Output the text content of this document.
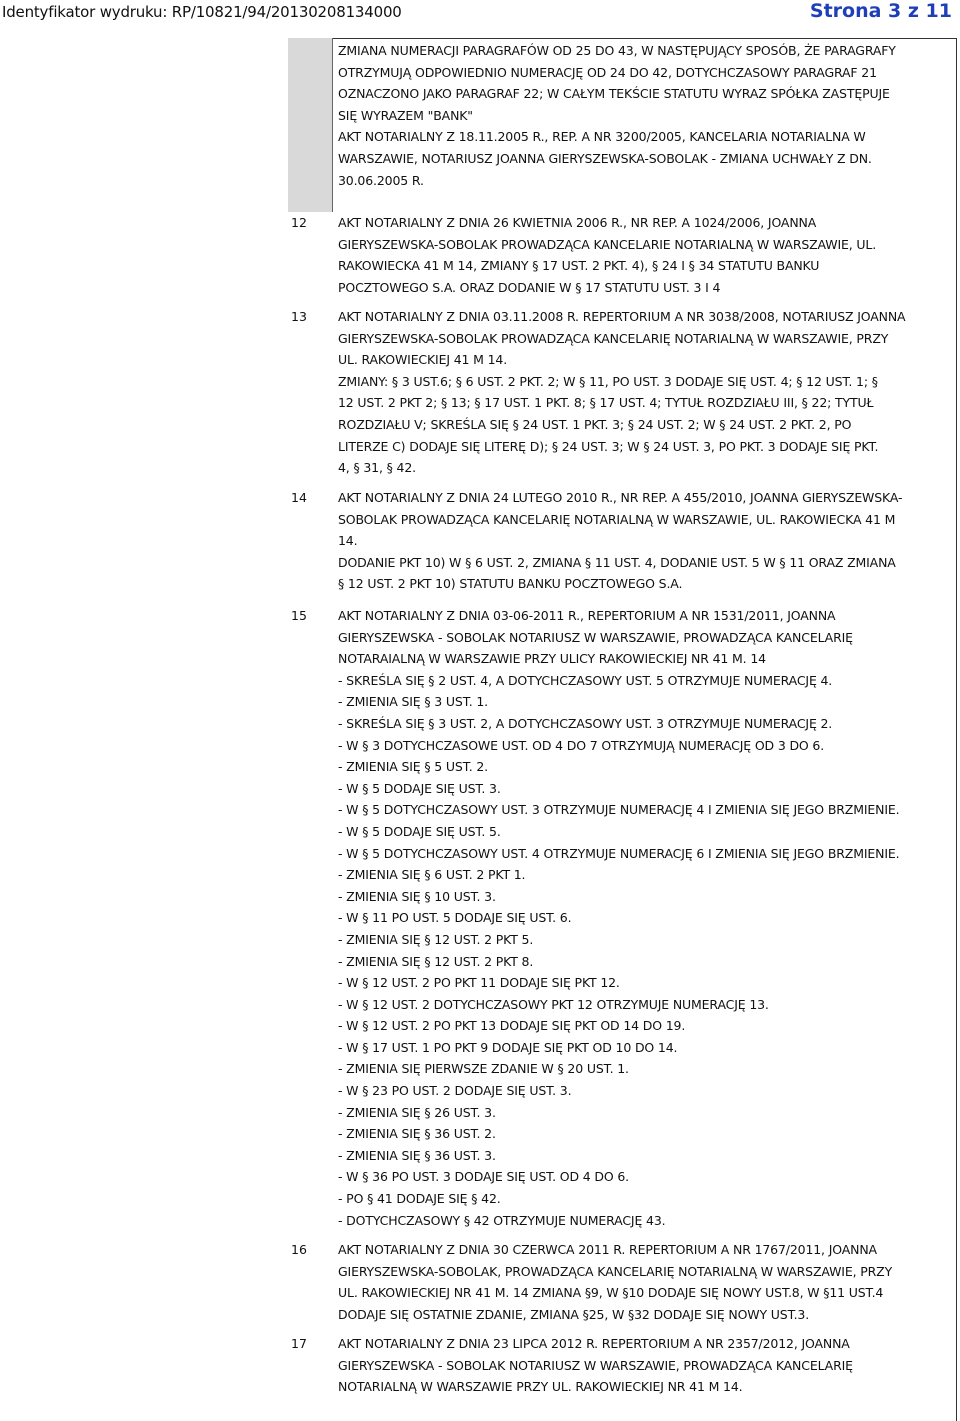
Identyfikator wydruku: RP/10821/94/20130208134000	Strona 3 z 11
ZMIANA NUMERACJI PARAGRAFÓW OD 25 DO 43, W NASTĘPUJĄCY SPOSÓB, ŻE PARAGRAFY
OTRZYMUJĄ ODPOWIEDNIO NUMERACJĘ OD 24 DO 42, DOTYCHCZASOWY PARAGRAF 21
OZNACZONO JAKO PARAGRAF 22; W CAŁYM TEKŚCIE STATUTU WYRAZ SPÓŁKA ZASTĘPUJE
SIĘ WYRAZEM "BANK"
AKT NOTARIALNY Z 18.11.2005 R., REP. A NR 3200/2005, KANCELARIA NOTARIALNA W
WARSZAWIE, NOTARIUSZ JOANNA GIERYSZEWSKA-SOBOLAK - ZMIANA UCHWAŁY Z DN.
30.06.2005 R.
12	AKT NOTARIALNY Z DNIA 26 KWIETNIA 2006 R., NR REP. A 1024/2006, JOANNA
GIERYSZEWSKA-SOBOLAK PROWADZĄCA KANCELARIE NOTARIALNĄ W WARSZAWIE, UL.
RAKOWIECKA 41 M 14, ZMIANY § 17 UST. 2 PKT. 4), § 24 I § 34 STATUTU BANKU
POCZTOWEGO S.A. ORAZ DODANIE W § 17 STATUTU UST. 3 I 4
13	AKT NOTARIALNY Z DNIA 03.11.2008 R. REPERTORIUM A NR 3038/2008, NOTARIUSZ JOANNA
GIERYSZEWSKA-SOBOLAK PROWADZĄCA KANCELARIĘ NOTARIALNĄ W WARSZAWIE, PRZY
UL. RAKOWIECKIEJ 41 M 14.
ZMIANY: § 3 UST.6; § 6 UST. 2 PKT. 2; W § 11, PO UST. 3 DODAJE SIĘ UST. 4; § 12 UST. 1; §
12 UST. 2 PKT 2; § 13; § 17 UST. 1 PKT. 8; § 17 UST. 4; TYTUŁ ROZDZIAŁU III, § 22; TYTUŁ
ROZDZIAŁU V; SKREŚLA SIĘ § 24 UST. 1 PKT. 3; § 24 UST. 2; W § 24 UST. 2 PKT. 2, PO
LITERZE C) DODAJE SIĘ LITERĘ D); § 24 UST. 3; W § 24 UST. 3, PO PKT. 3 DODAJE SIĘ PKT.
4, § 31, § 42.
14	AKT NOTARIALNY Z DNIA 24 LUTEGO 2010 R., NR REP. A 455/2010, JOANNA GIERYSZEWSKA-
SOBOLAK PROWADZĄCA KANCELARIĘ NOTARIALNĄ W WARSZAWIE, UL. RAKOWIECKA 41 M
14.
DODANIE PKT 10) W § 6 UST. 2, ZMIANA § 11 UST. 4, DODANIE UST. 5 W § 11 ORAZ ZMIANA
§ 12 UST. 2 PKT 10) STATUTU BANKU POCZTOWEGO S.A.
15	AKT NOTARIALNY Z DNIA 03-06-2011 R., REPERTORIUM A NR 1531/2011, JOANNA
GIERYSZEWSKA - SOBOLAK NOTARIUSZ W WARSZAWIE, PROWADZĄCA KANCELARIĘ
NOTARAIALNĄ W WARSZAWIE PRZY ULICY RAKOWIECKIEJ NR 41 M. 14
- SKREŚLA SIĘ § 2 UST. 4, A DOTYCHCZASOWY UST. 5 OTRZYMUJE NUMERACJĘ 4.
- ZMIENIA SIĘ § 3 UST. 1.
- SKREŚLA SIĘ § 3 UST. 2, A DOTYCHCZASOWY UST. 3 OTRZYMUJE NUMERACJĘ 2.
- W § 3 DOTYCHCZASOWE UST. OD 4 DO 7 OTRZYMUJĄ NUMERACJĘ OD 3 DO 6.
- ZMIENIA SIĘ § 5 UST. 2.
- W § 5 DODAJE SIĘ UST. 3.
- W § 5 DOTYCHCZASOWY UST. 3 OTRZYMUJE NUMERACJĘ 4 I ZMIENIA SIĘ JEGO BRZMIENIE.
- W § 5 DODAJE SIĘ UST. 5.
- W § 5 DOTYCHCZASOWY UST. 4 OTRZYMUJE NUMERACJĘ 6 I ZMIENIA SIĘ JEGO BRZMIENIE.
- ZMIENIA SIĘ § 6 UST. 2 PKT 1.
- ZMIENIA SIĘ § 10 UST. 3.
- W § 11 PO UST. 5 DODAJE SIĘ UST. 6.
- ZMIENIA SIĘ § 12 UST. 2 PKT 5.
- ZMIENIA SIĘ § 12 UST. 2 PKT 8.
- W § 12 UST. 2 PO PKT 11 DODAJE SIĘ PKT 12.
- W § 12 UST. 2 DOTYCHCZASOWY PKT 12 OTRZYMUJE NUMERACJĘ 13.
- W § 12 UST. 2 PO PKT 13 DODAJE SIĘ PKT OD 14 DO 19.
- W § 17 UST. 1 PO PKT 9 DODAJE SIĘ PKT OD 10 DO 14.
- ZMIENIA SIĘ PIERWSZE ZDANIE W § 20 UST. 1.
- W § 23 PO UST. 2 DODAJE SIĘ UST. 3.
- ZMIENIA SIĘ § 26 UST. 3.
- ZMIENIA SIĘ § 36 UST. 2.
- ZMIENIA SIĘ § 36 UST. 3.
- W § 36 PO UST. 3 DODAJE SIĘ UST. OD 4 DO 6.
- PO § 41 DODAJE SIĘ § 42.
- DOTYCHCZASOWY § 42 OTRZYMUJE NUMERACJĘ 43.
16	AKT NOTARIALNY Z DNIA 30 CZERWCA 2011 R. REPERTORIUM A NR 1767/2011, JOANNA
GIERYSZEWSKA-SOBOLAK, PROWADZĄCA KANCELARIĘ NOTARIALNĄ W WARSZAWIE, PRZY
UL. RAKOWIECKIEJ NR 41 M. 14 ZMIANA §9, W §10 DODAJE SIĘ NOWY UST.8, W §11 UST.4
DODAJE SIĘ OSTATNIE ZDANIE, ZMIANA §25, W §32 DODAJE SIĘ NOWY UST.3.
17	AKT NOTARIALNY Z DNIA 23 LIPCA 2012 R. REPERTORIUM A NR 2357/2012, JOANNA
GIERYSZEWSKA - SOBOLAK NOTARIUSZ W WARSZAWIE, PROWADZĄCA KANCELARIĘ
NOTARIALNĄ W WARSZAWIE PRZY UL. RAKOWIECKIEJ NR 41 M 14.
